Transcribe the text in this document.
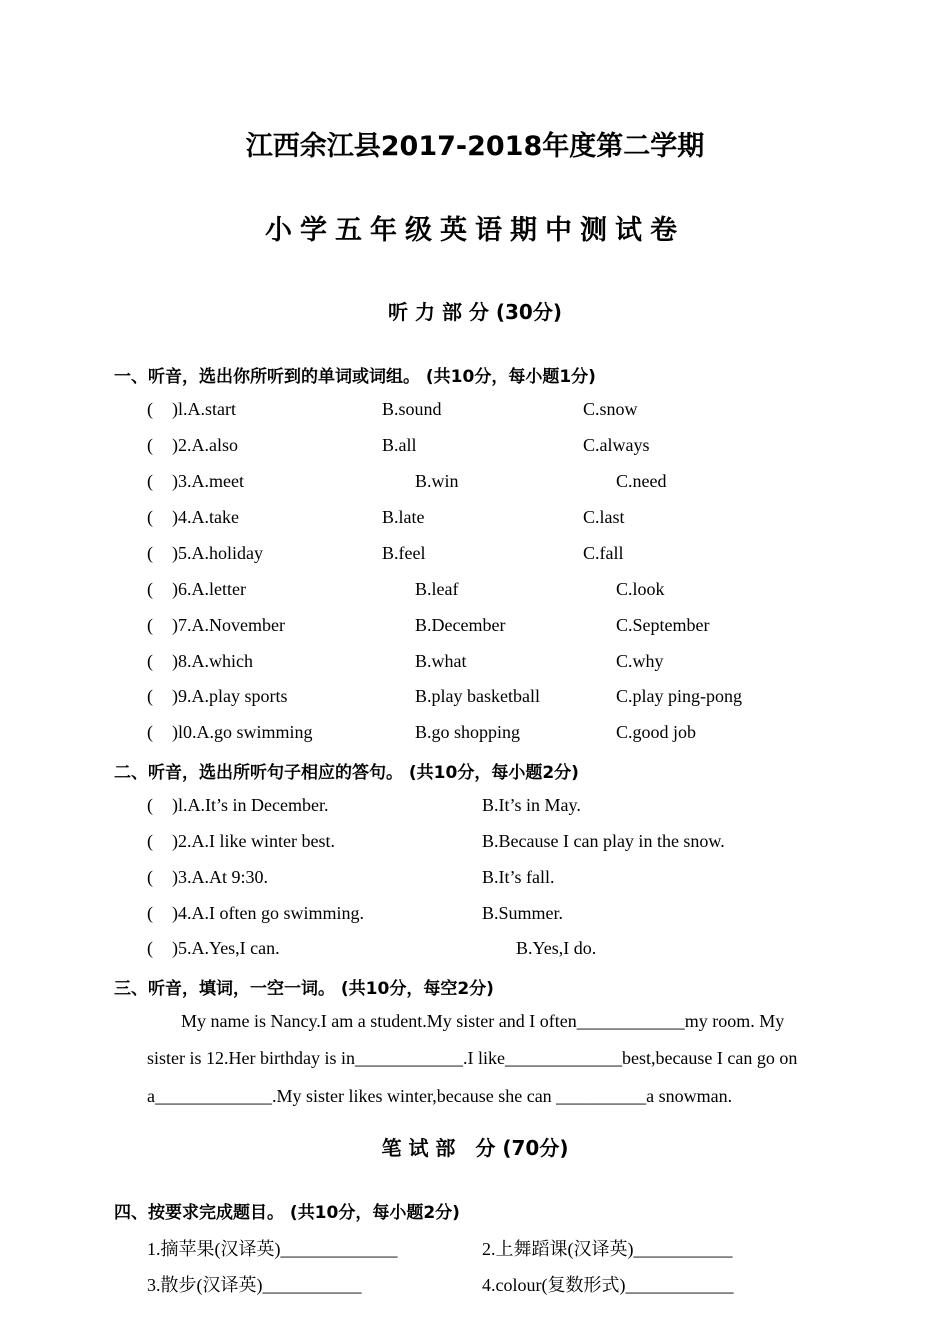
江西余江县2017-2018年度第二学期
小学五年级英语期中测试卷
听 力 部 分 (30分)
一、听音，选出你所听到的单词或词组。 (共10分，每小题1分)
( )l.A.start	B.sound	C.snow
( )2.A.also	B.all	C.always
( )3.A.meet	B.win	C.need
( )4.A.take	B.late	C.last
( )5.A.holiday	B.feel	C.fall
( )6.A.letter	B.leaf	C.look
( )7.A.November	B.December	C.September
( )8.A.which	B.what	C.why
( )9.A.play sports	B.play basketball	C.play ping-pong
( )l0.A.go swimming	B.go shopping	C.good job
二、听音，选出所听句子相应的答句。 (共10分，每小题2分)
( )l.A.It’s in December.	B.It’s in May.
( )2.A.I like winter best.	B.Because I can play in the snow.
( )3.A.At 9:30.	B.It’s fall.
( )4.A.I often go swimming.	B.Summer.
( )5.A.Yes,I can.	B.Yes,I do.
三、听音，填词，一空一词。 (共10分，每空2分)
My name is Nancy.I am a student.My sister and I often____________my room. My
sister is 12.Her birthday is in____________.I like_____________best,because I can go on
a_____________.My sister likes winter,because she can __________a snowman.
笔 试 部　分 (70分)
四、按要求完成题目。 (共10分，每小题2分)
1.摘苹果(汉译英)_____________	2.上舞蹈课(汉译英)___________
3.散步(汉译英)___________	4.colour(复数形式)____________
